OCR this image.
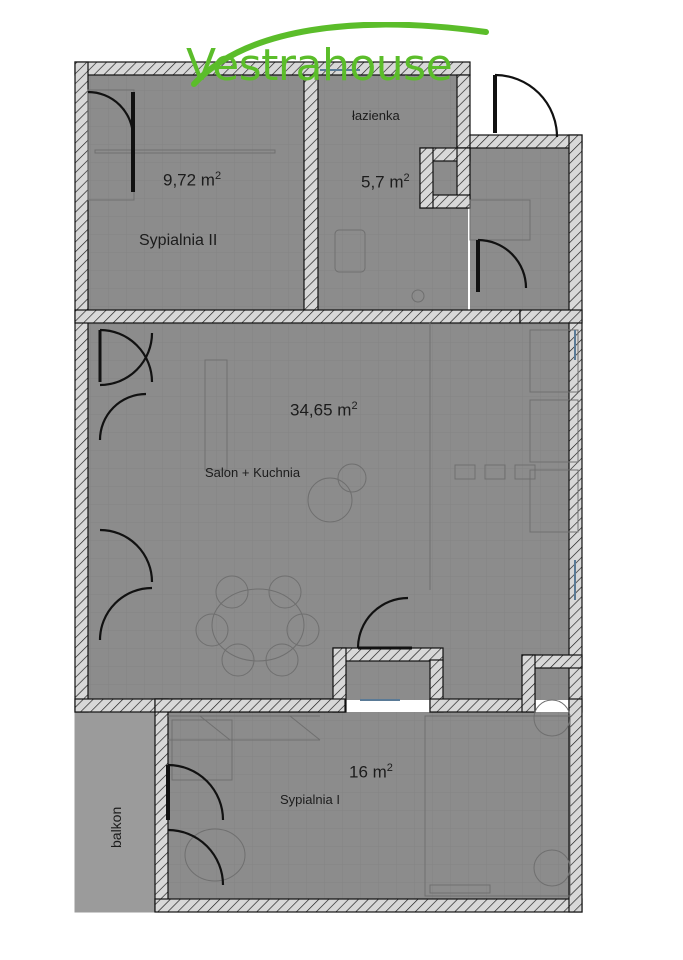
Vestrahouse
9,72 $m^2$
Sypialnia II
łazienka
5,7 $m^2$
34,65 $m^2$
Salon + Kuchnia
16 $m^2$
Sypialnia I
balkon
